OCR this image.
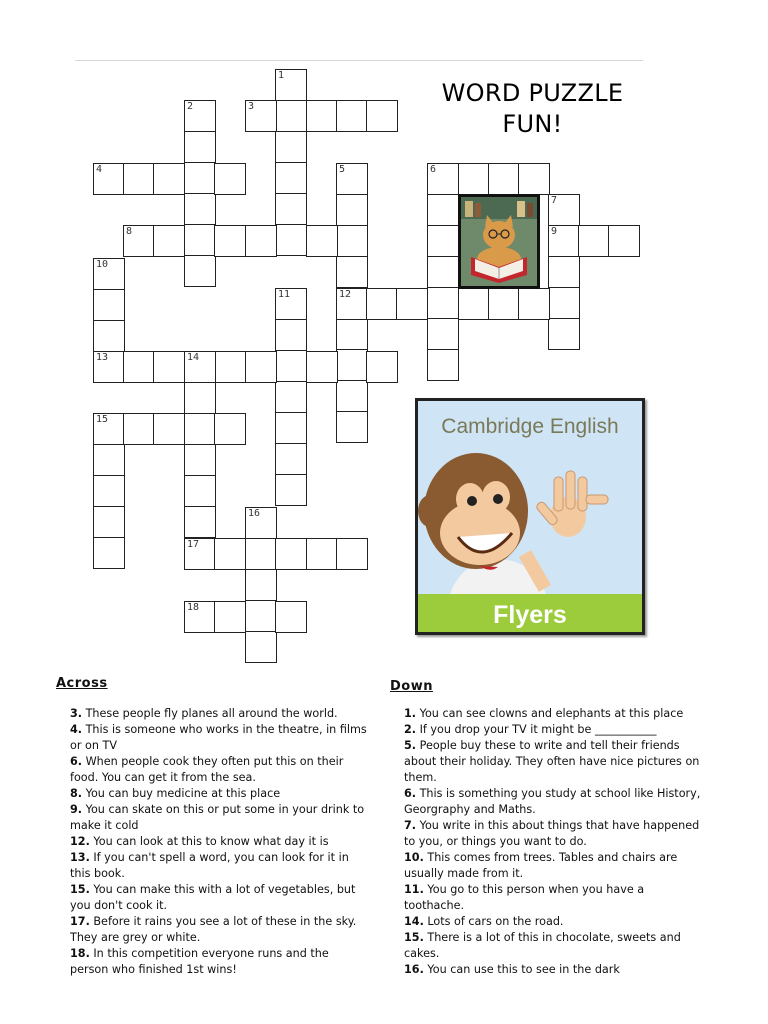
1
2	3
4	5	6
7
8	9
10
11	12
13	14
15
16
17
18
WORD PUZZLE
FUN!
Cambridge English
Flyers
Across
3. These people fly planes all around the world.
4. This is someone who works in the theatre, in films or on TV
6. When people cook they often put this on their food. You can get it from the sea.
8. You can buy medicine at this place
9. You can skate on this or put some in your drink to make it cold
12. You can look at this to know what day it is
13. If you can't spell a word, you can look for it in this book.
15. You can make this with a lot of vegetables, but you don't cook it.
17. Before it rains you see a lot of these in the sky. They are grey or white.
18. In this competition everyone runs and the person who finished 1st wins!
Down
1. You can see clowns and elephants at this place
2. If you drop your TV it might be ___________
5. People buy these to write and tell their friends about their holiday. They often have nice pictures on them.
6. This is something you study at school like History, Georgraphy and Maths.
7. You write in this about things that have happened to you, or things you want to do.
10. This comes from trees. Tables and chairs are usually made from it.
11. You go to this person when you have a toothache.
14. Lots of cars on the road.
15. There is a lot of this in chocolate, sweets and cakes.
16. You can use this to see in the dark
